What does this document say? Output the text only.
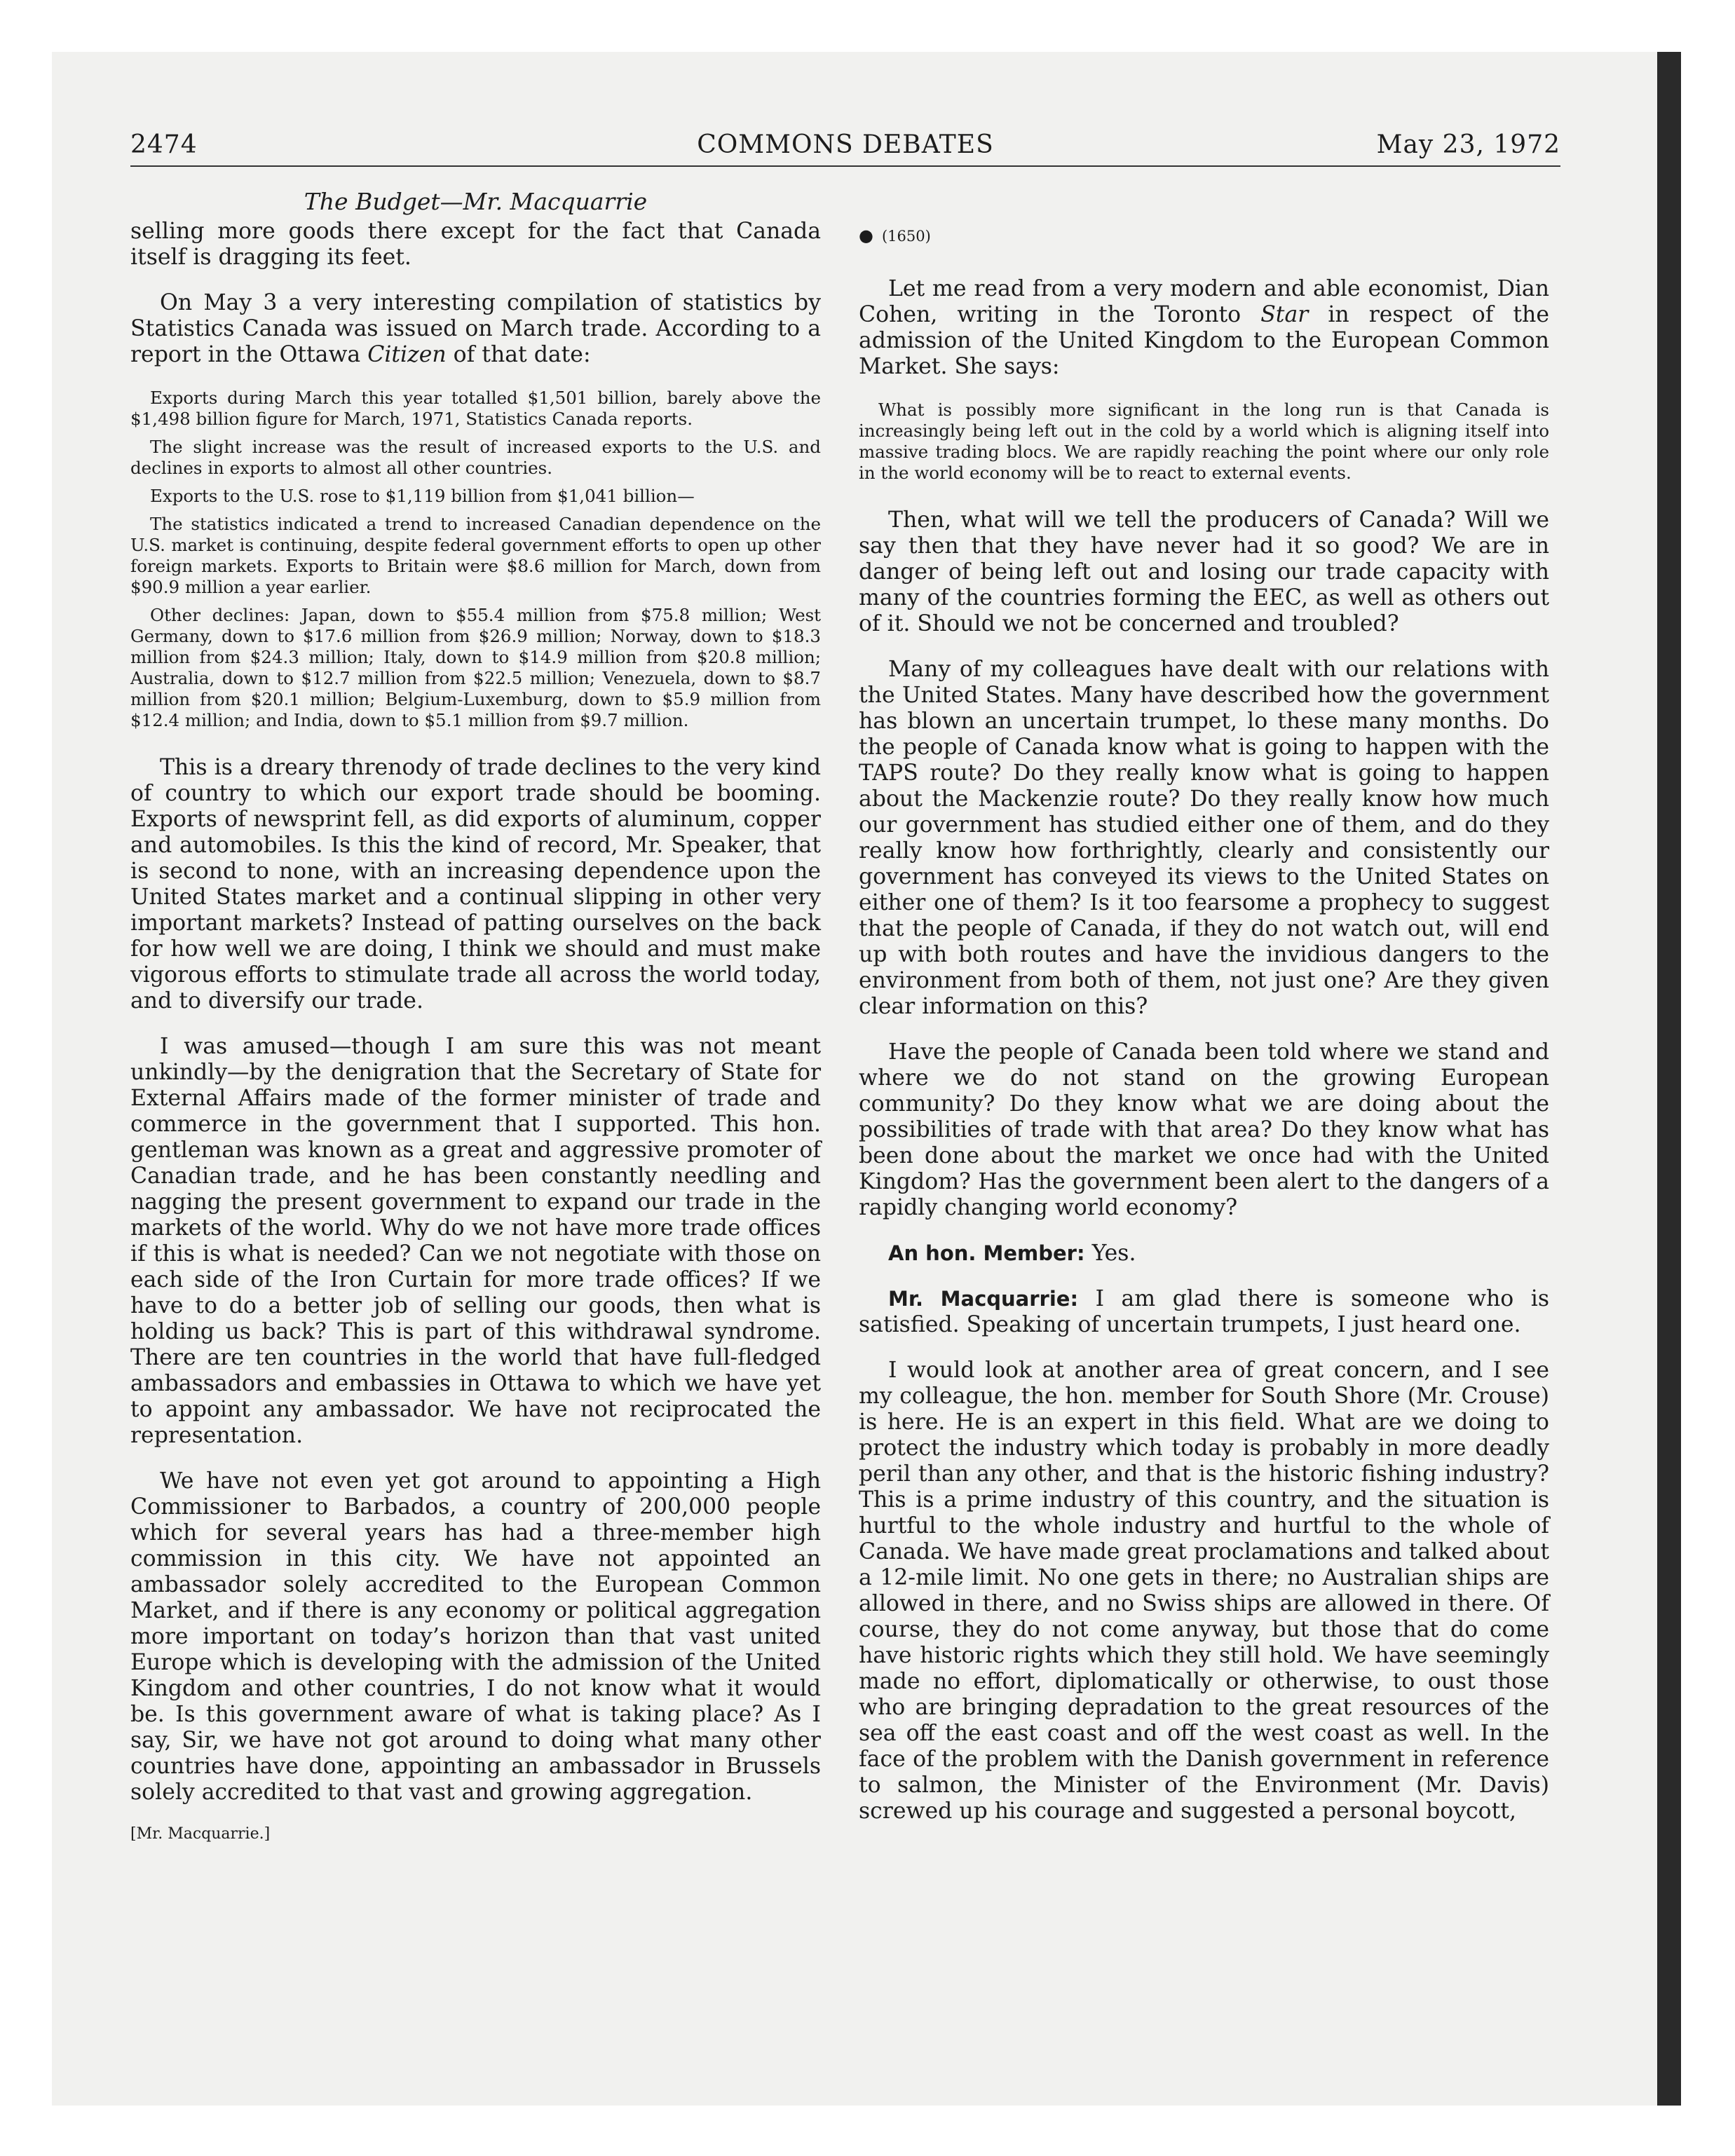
COMMONS DEBATES
2474	May 23, 1972
The Budget—Mr. Macquarrie

selling more goods there except for the fact that Canada itself is dragging its feet.

On May 3 a very interesting compilation of statistics by Statistics Canada was issued on March trade. According to a report in the Ottawa Citizen of that date:

Exports during March this year totalled $1,501 billion, barely above the $1,498 billion figure for March, 1971, Statistics Canada reports.

The slight increase was the result of increased exports to the U.S. and declines in exports to almost all other countries.

Exports to the U.S. rose to $1,119 billion from $1,041 billion—

The statistics indicated a trend to increased Canadian dependence on the U.S. market is continuing, despite federal government efforts to open up other foreign markets. Exports to Britain were $8.6 million for March, down from $90.9 million a year earlier.

Other declines: Japan, down to $55.4 million from $75.8 million; West Germany, down to $17.6 million from $26.9 million; Norway, down to $18.3 million from $24.3 million; Italy, down to $14.9 million from $20.8 million; Australia, down to $12.7 million from $22.5 million; Venezuela, down to $8.7 million from $20.1 million; Belgium-Luxemburg, down to $5.9 million from $12.4 million; and India, down to $5.1 million from $9.7 million.

This is a dreary threnody of trade declines to the very kind of country to which our export trade should be booming. Exports of newsprint fell, as did exports of aluminum, copper and automobiles. Is this the kind of record, Mr. Speaker, that is second to none, with an increasing dependence upon the United States market and a continual slipping in other very important markets? Instead of patting ourselves on the back for how well we are doing, I think we should and must make vigorous efforts to stimulate trade all across the world today, and to diversify our trade.

I was amused—though I am sure this was not meant unkindly—by the denigration that the Secretary of State for External Affairs made of the former minister of trade and commerce in the government that I supported. This hon. gentleman was known as a great and aggressive promoter of Canadian trade, and he has been constantly needling and nagging the present government to expand our trade in the markets of the world. Why do we not have more trade offices if this is what is needed? Can we not negotiate with those on each side of the Iron Curtain for more trade offices? If we have to do a better job of selling our goods, then what is holding us back? This is part of this withdrawal syndrome. There are ten countries in the world that have full-fledged ambassadors and embassies in Ottawa to which we have yet to appoint any ambassador. We have not reciprocated the representation.

We have not even yet got around to appointing a High Commissioner to Barbados, a country of 200,000 people which for several years has had a three-member high commission in this city. We have not appointed an ambassador solely accredited to the European Common Market, and if there is any economy or political aggregation more important on today’s horizon than that vast united Europe which is developing with the admission of the United Kingdom and other countries, I do not know what it would be. Is this government aware of what is taking place? As I say, Sir, we have not got around to doing what many other countries have done, appointing an ambassador in Brussels solely accredited to that vast and growing aggregation.

[Mr. Macquarrie.]
● (1650)

Let me read from a very modern and able economist, Dian Cohen, writing in the Toronto Star in respect of the admission of the United Kingdom to the European Common Market. She says:

What is possibly more significant in the long run is that Canada is increasingly being left out in the cold by a world which is aligning itself into massive trading blocs. We are rapidly reaching the point where our only role in the world economy will be to react to external events.

Then, what will we tell the producers of Canada? Will we say then that they have never had it so good? We are in danger of being left out and losing our trade capacity with many of the countries forming the EEC, as well as others out of it. Should we not be concerned and troubled?

Many of my colleagues have dealt with our relations with the United States. Many have described how the government has blown an uncertain trumpet, lo these many months. Do the people of Canada know what is going to happen with the TAPS route? Do they really know what is going to happen about the Mackenzie route? Do they really know how much our government has studied either one of them, and do they really know how forthrightly, clearly and consistently our government has conveyed its views to the United States on either one of them? Is it too fearsome a prophecy to suggest that the people of Canada, if they do not watch out, will end up with both routes and have the invidious dangers to the environment from both of them, not just one? Are they given clear information on this?

Have the people of Canada been told where we stand and where we do not stand on the growing European community? Do they know what we are doing about the possibilities of trade with that area? Do they know what has been done about the market we once had with the United Kingdom? Has the government been alert to the dangers of a rapidly changing world economy?

An hon. Member: Yes.

Mr. Macquarrie: I am glad there is someone who is satisfied. Speaking of uncertain trumpets, I just heard one.

I would look at another area of great concern, and I see my colleague, the hon. member for South Shore (Mr. Crouse) is here. He is an expert in this field. What are we doing to protect the industry which today is probably in more deadly peril than any other, and that is the historic fishing industry? This is a prime industry of this country, and the situation is hurtful to the whole industry and hurtful to the whole of Canada. We have made great proclamations and talked about a 12-mile limit. No one gets in there; no Australian ships are allowed in there, and no Swiss ships are allowed in there. Of course, they do not come anyway, but those that do come have historic rights which they still hold. We have seemingly made no effort, diplomatically or otherwise, to oust those who are bringing depradation to the great resources of the sea off the east coast and off the west coast as well. In the face of the problem with the Danish government in reference to salmon, the Minister of the Environment (Mr. Davis) screwed up his courage and suggested a personal boycott,
